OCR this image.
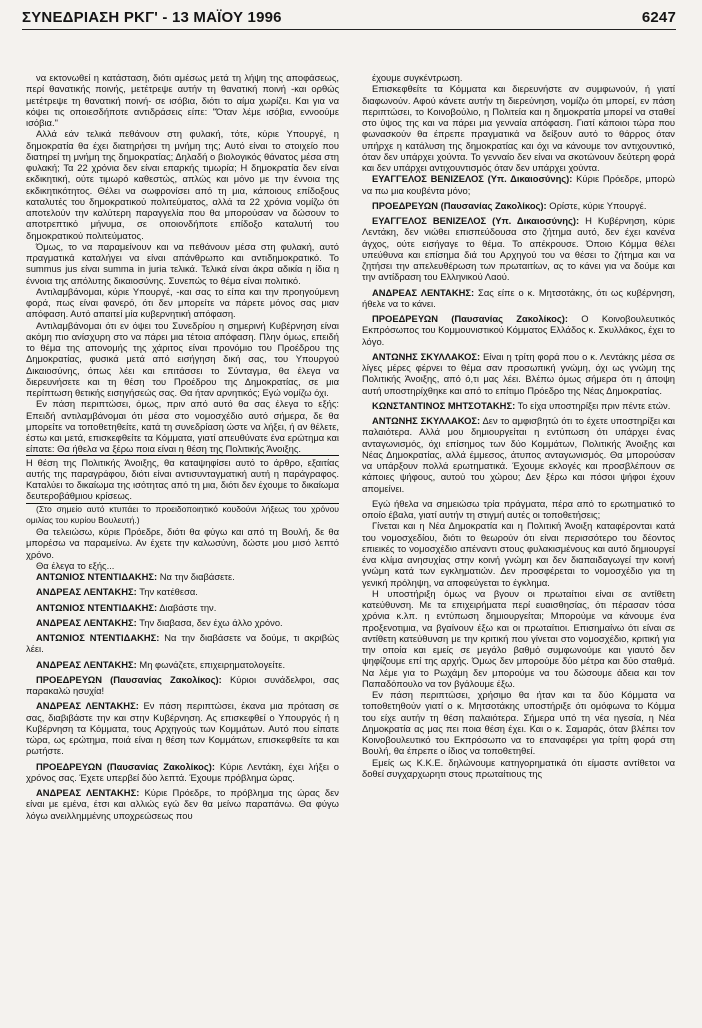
ΣΥΝΕΔΡΙΑΣΗ ΡΚΓ' - 13 ΜΑΪΟΥ 1996	6247

να εκτονωθεί η κατάσταση, διότι αμέσως μετά τη λήψη της αποφάσεως, περί θανατικής ποινής, μετέτρεψε αυτήν τη θανατική ποινή -και ορθώς μετέτρεψε τη θανατική ποινή- σε ισόβια, διότι το αίμα χωρίζει. Και για να κόψει τις οποιεσδήποτε αντιδράσεις είπε: "Όταν λέμε ισόβια, εννοούμε ισόβια."

Αλλά εάν τελικά πεθάνουν στη φυλακή, τότε, κύριε Υπουργέ, η δημοκρατία θα έχει διατηρήσει τη μνήμη της; Αυτό είναι το στοιχείο που διατηρεί τη μνήμη της δημοκρατίας; Δηλαδή ο βιολογικός θάνατος μέσα στη φυλακή; Τα 22 χρόνια δεν είναι επαρκής τιμωρία; Η δημοκρατία δεν είναι εκδικητική, ούτε τιμωρό καθεστώς, απλώς και μόνο με την έννοια της εκδικητικότητος. Θέλει να σωφρονίσει από τη μια, κάποιους επίδοξους καταλυτές του δημοκρατικού πολιτεύματος, αλλά τα 22 χρόνια νομίζω ότι αποτελούν την καλύτερη παραγγελία που θα μπορούσαν να δώσουν το αποτρεπτικό μήνυμα, σε οποιονδήποτε επίδοξο καταλυτή του δημοκρατικού πολιτεύματος.

Όμως, το να παραμείνουν και να πεθάνουν μέσα στη φυλακή, αυτό πραγματικά καταλήγει να είναι απάνθρωπο και αντιδημοκρατικό. Το summus jus είναι summa in juria τελικά. Τελικά είναι άκρα αδικία η ίδια η έννοια της απόλυτης δικαιοσύνης. Συνεπώς το θέμα είναι πολιτικό.

Αντιλαμβάνομαι, κύριε Υπουργέ, -και σας το είπα και την προηγούμενη φορά, πως είναι φανερό, ότι δεν μπορείτε να πάρετε μόνος σας μιαν απόφαση. Αυτό απαιτεί μία κυβερνητική απόφαση.

Αντιλαμβάνομαι ότι εν όψει του Συνεδρίου η σημερινή Κυβέρνηση είναι ακόμη πιο ανίσχυρη στο να πάρει μια τέτοια απόφαση. Πλην όμως, επειδή το θέμα της απονομής της χάριτος είναι προνόμιο του Προέδρου της Δημοκρατίας, φυσικά μετά από εισήγηση δική σας, του Υπουργού Δικαιοσύνης, όπως λέει και επιτάσσει το Σύνταγμα, θα έλεγα να διερευνήσετε και τη θέση του Προέδρου της Δημοκρατίας, σε μια περίπτωση θετικής εισηγήσεώς σας. Θα ήταν αρνητικός; Εγώ νομίζω όχι.

Εν πάση περιπτώσει, όμως, πριν από αυτό θα σας έλεγα το εξής: Επειδή αντιλαμβάνομαι ότι μέσα στο νομοσχέδιο αυτό σήμερα, δε θα μπορείτε να τοποθετηθείτε, κατά τη συνεδρίαση ώστε να λήξει, ή αν θέλετε, έστω και μετά, επισκεφθείτε τα Κόμματα, γιατί απευθύνατε ένα ερώτημα και είπατε: Θα ήθελα να ξέρω ποια είναι η θέση της Πολιτικής Άνοιξης.

Η θέση της Πολιτικής Άνοιξης, θα καταψηφίσει αυτό το άρθρο, εξαιτίας αυτής της παραγράφου, διότι είναι αντισυνταγματική αυτή η παράγραφος. Καταλύει το δικαίωμα της ισότητας από τη μια, διότι δεν έχουμε το δικαίωμα δευτεροβάθμιου κρίσεως.

(Στο σημείο αυτό κτυπάει το προειδοποιητικό κουδούνι λήξεως του χρόνου ομιλίας του κυρίου Βουλευτή.)

Θα τελειώσω, κύριε Πρόεδρε, διότι θα φύγω και από τη Βουλή, δε θα μπορέσω να παραμείνω. Αν έχετε την καλωσύνη, δώστε μου μισό λεπτό χρόνο.

Θα έλεγα το εξής...

ΑΝΤΩΝΙΟΣ ΝΤΕΝΤΙΔΑΚΗΣ: Να την διαβάσετε.

ΑΝΔΡΕΑΣ ΛΕΝΤΑΚΗΣ: Την κατέθεσα.

ΑΝΤΩΝΙΟΣ ΝΤΕΝΤΙΔΑΚΗΣ: Διαβάστε την.

ΑΝΔΡΕΑΣ ΛΕΝΤΑΚΗΣ: Την διαβασα, δεν έχω άλλο χρόνο.

ΑΝΤΩΝΙΟΣ ΝΤΕΝΤΙΔΑΚΗΣ: Να την διαβάσετε να δούμε, τι ακριβώς λέει.

ΑΝΔΡΕΑΣ ΛΕΝΤΑΚΗΣ: Μη φωνάζετε, επιχειρηματολογείτε.

ΠΡΟΕΔΡΕΥΩΝ (Παυσανίας Ζακολίκος): Κύριοι συνάδελφοι, σας παρακαλώ ησυχία!

ΑΝΔΡΕΑΣ ΛΕΝΤΑΚΗΣ: Εν πάση περιπτώσει, έκανα μια πρόταση σε σας, διαβιβάστε την και στην Κυβέρνηση. Ας επισκεφθεί ο Υπουργός ή η Κυβέρνηση τα Κόμματα, τους Αρχηγούς των Κομμάτων. Αυτό που είπατε τώρα, ως ερώτημα, ποιά είναι η θέση των Κομμάτων, επισκεφθείτε τα και ρωτήστε.

ΠΡΟΕΔΡΕΥΩΝ (Παυσανίας Ζακολίκος): Κύριε Λεντάκη, έχει λήξει ο χρόνος σας. Έχετε υπερβεί δύο λεπτά. Έχουμε πρόβλημα ώρας.

ΑΝΔΡΕΑΣ ΛΕΝΤΑΚΗΣ: Κύριε Πρόεδρε, το πρόβλημα της ώρας δεν είναι με εμένα, έτσι και αλλιώς εγώ δεν θα μείνω παραπάνω. Θα φύγω λόγω ανειλλημμένης υποχρεώσεως που

έχουμε συγκέντρωση.

Επισκεφθείτε τα Κόμματα και διερευνήστε αν συμφωνούν, ή γιατί διαφωνούν. Αφού κάνετε αυτήν τη διερεύνηση, νομίζω ότι μπορεί, εν πάση περιπτώσει, το Κοινοβούλιο, η Πολιτεία και η δημοκρατία μπορεί να σταθεί στο ύψος της και να πάρει μια γενναία απόφαση. Γιατί κάποιοι τώρα που φωνασκούν θα έπρεπε πραγματικά να δείξουν αυτό το θάρρος όταν υπήρχε η κατάλυση της δημοκρατίας και όχι να κάνουμε τον αντιχουντικό, όταν δεν υπάρχει χούντα. Το γενναίο δεν είναι να σκοτώνουν δεύτερη φορά και δεν υπάρχει αντιχουντισμός όταν δεν υπάρχει χούντα.

ΕΥΑΓΓΕΛΟΣ ΒΕΝΙΖΕΛΟΣ (Υπ. Δικαιοσύνης): Κύριε Πρόεδρε, μπορώ να πω μια κουβέντα μόνο;

ΠΡΟΕΔΡΕΥΩΝ (Παυσανίας Ζακολίκος): Ορίστε, κύριε Υπουργέ.

ΕΥΑΓΓΕΛΟΣ ΒΕΝΙΖΕΛΟΣ (Υπ. Δικαιοσύνης): Η Κυβέρνηση, κύριε Λεντάκη, δεν νιώθει επισπεύδουσα στο ζήτημα αυτό, δεν έχει κανένα άγχος, ούτε εισήγαγε το θέμα. Το απέκρουσε. Όποιο Κόμμα θέλει υπεύθυνα και επίσημα διά του Αρχηγού του να θέσει το ζήτημα και να ζητήσει την απελευθέρωση των πρωταιτίων, ας το κάνει για να δούμε και την αντίδραση του Ελληνικού Λαού.

ΑΝΔΡΕΑΣ ΛΕΝΤΑΚΗΣ: Σας είπε ο κ. Μητσοτάκης, ότι ως κυβέρνηση, ήθελε να το κάνει.

ΠΡΟΕΔΡΕΥΩΝ (Παυσανίας Ζακολίκος): Ο Κοινοβουλευτικός Εκπρόσωπος του Κομμουνιστικού Κόμματος Ελλάδος κ. Σκυλλάκος, έχει το λόγο.

ΑΝΤΩΝΗΣ ΣΚΥΛΛΑΚΟΣ: Είναι η τρίτη φορά που ο κ. Λεντάκης μέσα σε λίγες μέρες φέρνει το θέμα σαν προσωπική γνώμη, όχι ως γνώμη της Πολιτικής Άνοιξης, από ό,τι μας λέει. Βλέπω όμως σήμερα ότι η άποψη αυτή υποστηρίχθηκε και από το επίτιμο Πρόεδρο της Νέας Δημοκρατίας.

ΚΩΝΣΤΑΝΤΙΝΟΣ ΜΗΤΣΟΤΑΚΗΣ: Το είχα υποστηρίξει πριν πέντε ετών.

ΑΝΤΩΝΗΣ ΣΚΥΛΛΑΚΟΣ: Δεν το αμφισβητώ ότι το έχετε υποστηρίξει και παλαιότερα. Αλλά μου δημιουργείται η εντύπωση ότι υπάρχει ένας ανταγωνισμός, όχι επίσημος των δύο Κομμάτων, Πολιτικής Άνοιξης και Νέας Δημοκρατίας, αλλά έμμεσος, άτυπος ανταγωνισμός. Θα μπορούσαν να υπάρξουν πολλά ερωτηματικά. Έχουμε εκλογές και προσβλέπουν σε κάποιες ψήφους, αυτού του χώρου; Δεν ξέρω και πόσοι ψήφοι έχουν απομείνει.

Εγώ ήθελα να σημειώσω τρία πράγματα, πέρα από το ερωτηματικό το οποίο έβαλα, γιατί αυτήν τη στιγμή αυτές οι τοποθετήσεις;

Γίνεται και η Νέα Δημοκρατία και η Πολιτική Άνοιξη καταφέρονται κατά του νομοσχεδίου, διότι το θεωρούν ότι είναι περισσότερο του δέοντος επιεικές το νομοσχέδιο απέναντι στους φυλακισμένους και αυτό δημιουργεί ένα κλίμα ανησυχίας στην κοινή γνώμη και δεν διαπαιδαγωγεί την κοινή γνώμη κατά των εγκληματιών. Δεν προσφέρεται το νομοσχέδιο για τη γενική πρόληψη, να αποφεύγεται το έγκλημα.

Η υποστήριξη όμως να βγουν οι πρωταίτιοι είναι σε αντίθετη κατεύθυνση. Με τα επιχειρήματα περί ευαισθησίας, ότι πέρασαν τόσα χρόνια κ.λπ. η εντύπωση δημιουργείται; Μπορούμε να κάνουμε ένα προξενοτιμια, να βγαίνουν έξω και οι πρωταίτιοι. Επισημαίνω ότι είναι σε αντίθετη κατεύθυνση με την κριτική που γίνεται στο νομοσχέδιο, κριτική για την οποία και εμείς σε μεγάλο βαθμό συμφωνούμε και γιαυτό δεν ψηφίζουμε επί της αρχής. Όμως δεν μπορούμε δύο μέτρα και δύο σταθμά. Να λέμε για το Ρωχάμη δεν μπορούμε να του δώσουμε άδεια και τον Παπαδόπουλο να τον βγάλουμε έξω.

Εν πάση περιπτώσει, χρήσιμο θα ήταν και τα δύο Κόμματα να τοποθετηθούν γιατί ο κ. Μητσοτάκης υποστήριξε ότι ομόφωνα το Κόμμα του είχε αυτήν τη θέση παλαιότερα. Σήμερα υπό τη νέα ηγεσία, η Νέα Δημοκρατία ας μας πει ποια θέση έχει. Και ο κ. Σαμαράς, όταν βλέπει τον Κοινοβουλευτικό του Εκπρόσωπο να το επαναφέρει για τρίτη φορά στη Βουλή, θα έπρεπε ο ίδιος να τοποθετηθεί.

Εμείς ως Κ.Κ.Ε. δηλώνουμε κατηγορηματικά ότι είμαστε αντίθετοι να δοθεί συγχαρχωρητι στους πρωταίτιους της
